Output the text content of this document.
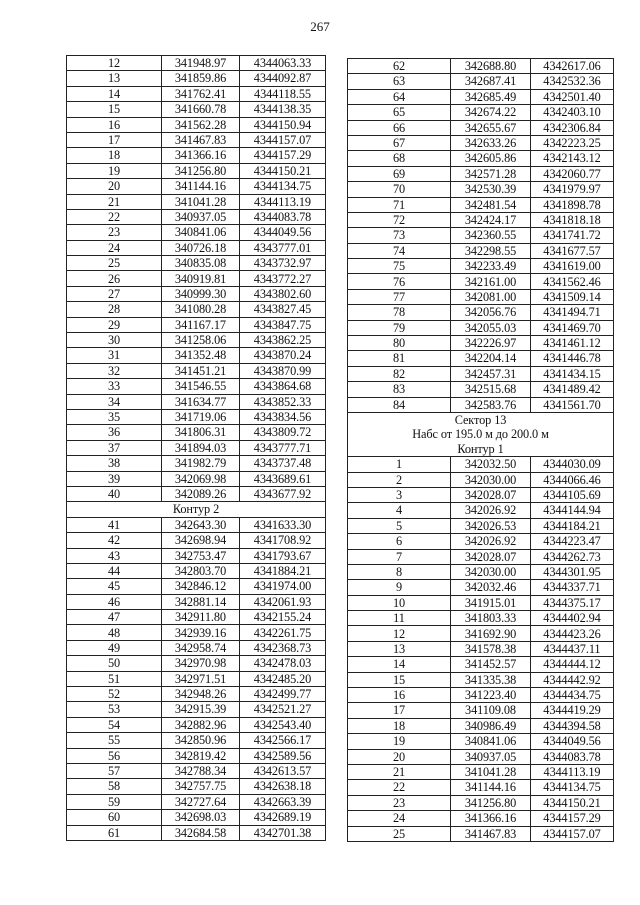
267
12	341948.97	4344063.33
13	341859.86	4344092.87
14	341762.41	4344118.55
15	341660.78	4344138.35
16	341562.28	4344150.94
17	341467.83	4344157.07
18	341366.16	4344157.29
19	341256.80	4344150.21
20	341144.16	4344134.75
21	341041.28	4344113.19
22	340937.05	4344083.78
23	340841.06	4344049.56
24	340726.18	4343777.01
25	340835.08	4343732.97
26	340919.81	4343772.27
27	340999.30	4343802.60
28	341080.28	4343827.45
29	341167.17	4343847.75
30	341258.06	4343862.25
31	341352.48	4343870.24
32	341451.21	4343870.99
33	341546.55	4343864.68
34	341634.77	4343852.33
35	341719.06	4343834.56
36	341806.31	4343809.72
37	341894.03	4343777.71
38	341982.79	4343737.48
39	342069.98	4343689.61
40	342089.26	4343677.92
Контур 2		
41	342643.30	4341633.30
42	342698.94	4341708.92
43	342753.47	4341793.67
44	342803.70	4341884.21
45	342846.12	4341974.00
46	342881.14	4342061.93
47	342911.80	4342155.24
48	342939.16	4342261.75
49	342958.74	4342368.73
50	342970.98	4342478.03
51	342971.51	4342485.20
52	342948.26	4342499.77
53	342915.39	4342521.27
54	342882.96	4342543.40
55	342850.96	4342566.17
56	342819.42	4342589.56
57	342788.34	4342613.57
58	342757.75	4342638.18
59	342727.64	4342663.39
60	342698.03	4342689.19
61	342684.58	4342701.38
62	342688.80	4342617.06
63	342687.41	4342532.36
64	342685.49	4342501.40
65	342674.22	4342403.10
66	342655.67	4342306.84
67	342633.26	4342223.25
68	342605.86	4342143.12
69	342571.28	4342060.77
70	342530.39	4341979.97
71	342481.54	4341898.78
72	342424.17	4341818.18
73	342360.55	4341741.72
74	342298.55	4341677.57
75	342233.49	4341619.00
76	342161.00	4341562.46
77	342081.00	4341509.14
78	342056.76	4341494.71
79	342055.03	4341469.70
80	342226.97	4341461.12
81	342204.14	4341446.78
82	342457.31	4341434.15
83	342515.68	4341489.42
84	342583.76	4341561.70
Сектор 13		
Набс от 195.0 м до 200.0 м		
Контур 1		
1	342032.50	4344030.09
2	342030.00	4344066.46
3	342028.07	4344105.69
4	342026.92	4344144.94
5	342026.53	4344184.21
6	342026.92	4344223.47
7	342028.07	4344262.73
8	342030.00	4344301.95
9	342032.46	4344337.71
10	341915.01	4344375.17
11	341803.33	4344402.94
12	341692.90	4344423.26
13	341578.38	4344437.11
14	341452.57	4344444.12
15	341335.38	4344442.92
16	341223.40	4344434.75
17	341109.08	4344419.29
18	340986.49	4344394.58
19	340841.06	4344049.56
20	340937.05	4344083.78
21	341041.28	4344113.19
22	341144.16	4344134.75
23	341256.80	4344150.21
24	341366.16	4344157.29
25	341467.83	4344157.07
